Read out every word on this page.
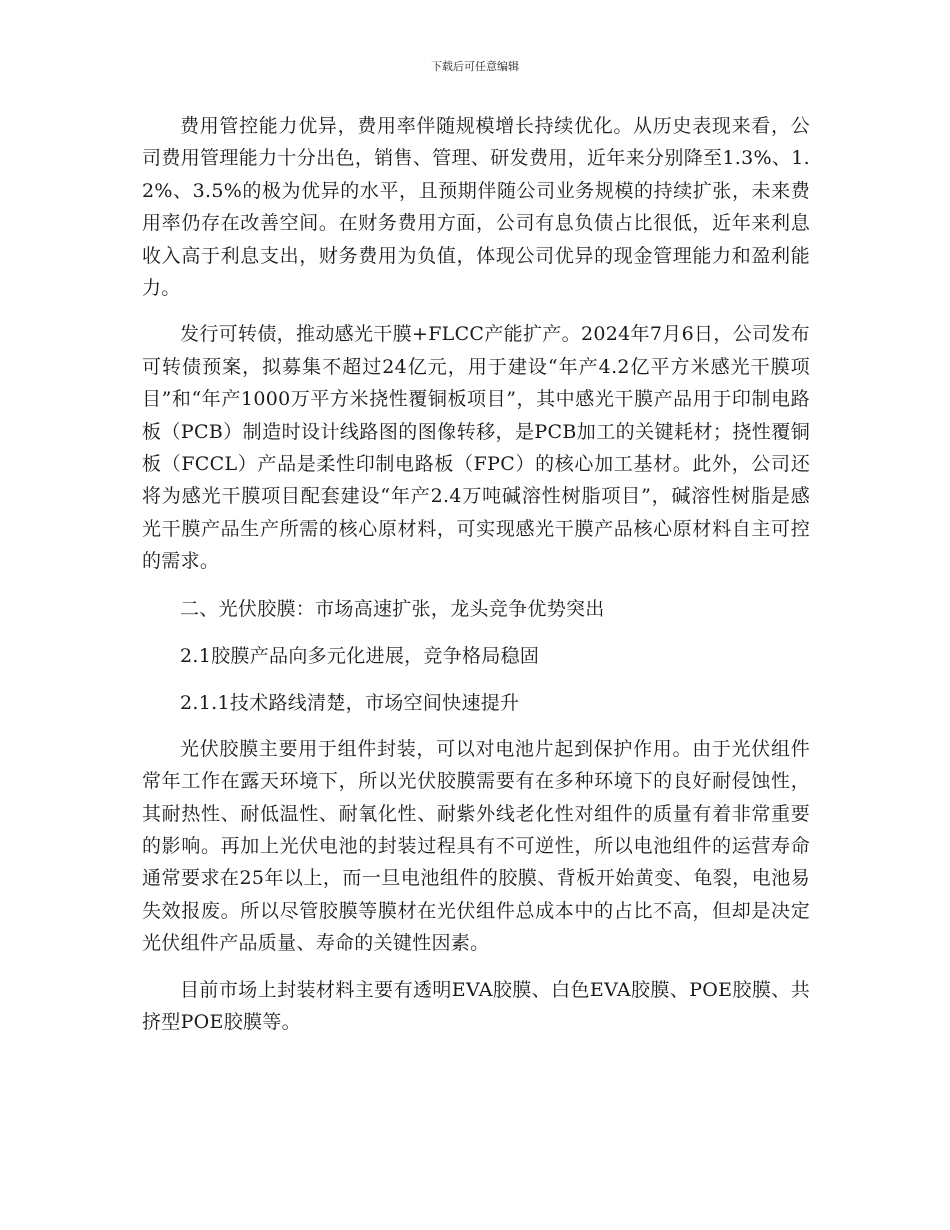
下载后可任意编辑

费用管控能力优异，费用率伴随规模增长持续优化。从历史表现来看，公司费用管理能力十分出色，销售、管理、研发费用，近年来分别降至1.3%、1.2%、3.5%的极为优异的水平，且预期伴随公司业务规模的持续扩张，未来费用率仍存在改善空间。在财务费用方面，公司有息负债占比很低，近年来利息收入高于利息支出，财务费用为负值，体现公司优异的现金管理能力和盈利能力。

发行可转债，推动感光干膜+FLCC产能扩产。2024年7月6日，公司发布可转债预案，拟募集不超过24亿元，用于建设“年产4.2亿平方米感光干膜项目”和“年产1000万平方米挠性覆铜板项目”，其中感光干膜产品用于印制电路板（PCB）制造时设计线路图的图像转移，是PCB加工的关键耗材；挠性覆铜板（FCCL）产品是柔性印制电路板（FPC）的核心加工基材。此外，公司还将为感光干膜项目配套建设“年产2.4万吨碱溶性树脂项目”，碱溶性树脂是感光干膜产品生产所需的核心原材料，可实现感光干膜产品核心原材料自主可控的需求。

二、光伏胶膜：市场高速扩张，龙头竞争优势突出

2.1胶膜产品向多元化进展，竞争格局稳固

2.1.1技术路线清楚，市场空间快速提升

光伏胶膜主要用于组件封装，可以对电池片起到保护作用。由于光伏组件常年工作在露天环境下，所以光伏胶膜需要有在多种环境下的良好耐侵蚀性，其耐热性、耐低温性、耐氧化性、耐紫外线老化性对组件的质量有着非常重要的影响。再加上光伏电池的封装过程具有不可逆性，所以电池组件的运营寿命通常要求在25年以上，而一旦电池组件的胶膜、背板开始黄变、龟裂，电池易失效报废。所以尽管胶膜等膜材在光伏组件总成本中的占比不高，但却是决定光伏组件产品质量、寿命的关键性因素。

目前市场上封装材料主要有透明EVA胶膜、白色EVA胶膜、POE胶膜、共挤型POE胶膜等。
